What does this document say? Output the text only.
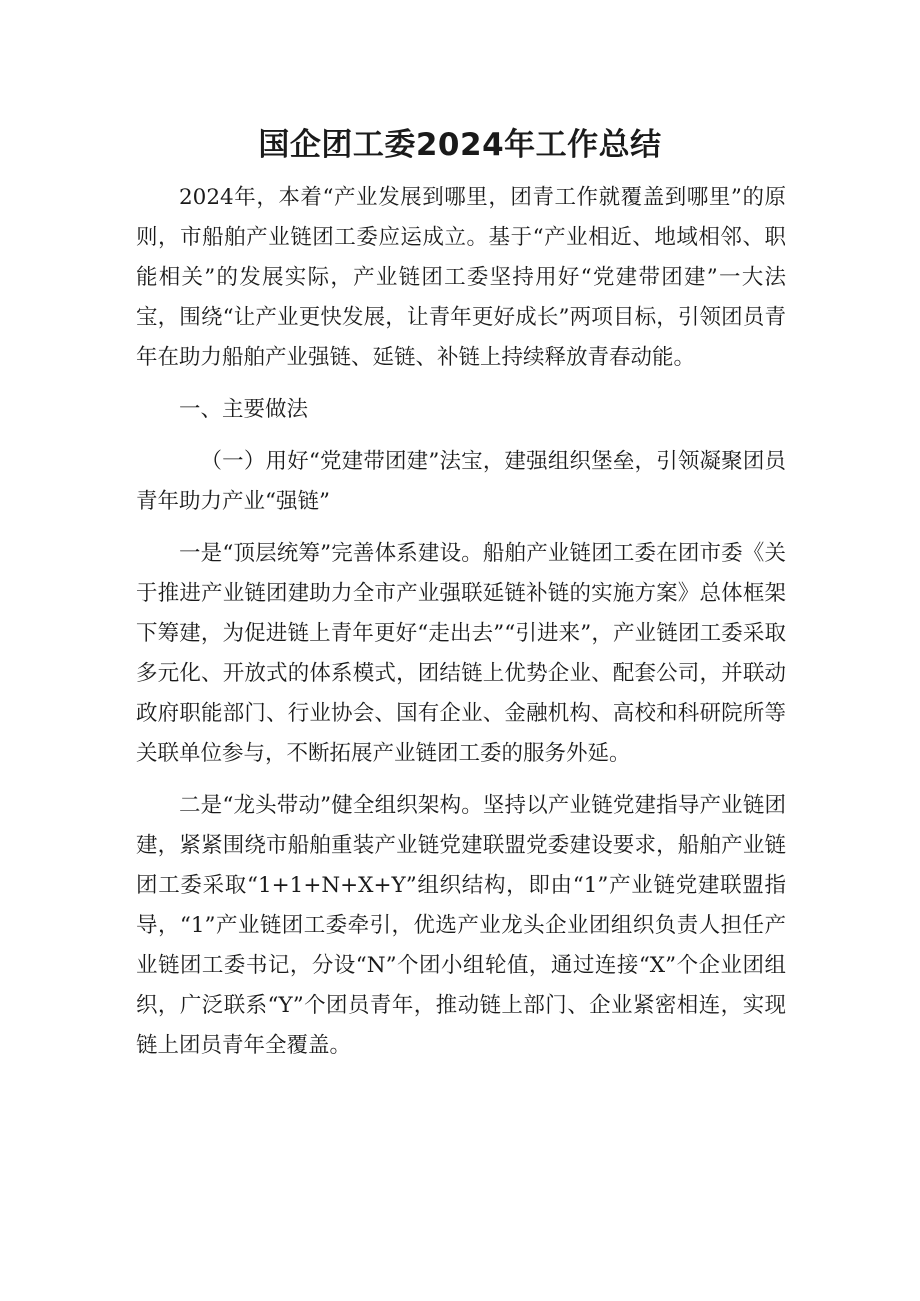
国企团工委2024年工作总结

2024年，本着“产业发展到哪里，团青工作就覆盖到哪里”的原则，市船舶产业链团工委应运成立。基于“产业相近、地域相邻、职能相关”的发展实际，产业链团工委坚持用好“党建带团建”一大法宝，围绕“让产业更快发展，让青年更好成长”两项目标，引领团员青年在助力船舶产业强链、延链、补链上持续释放青春动能。

一、主要做法

（一）用好“党建带团建”法宝，建强组织堡垒，引领凝聚团员青年助力产业“强链”

一是“顶层统筹”完善体系建设。船舶产业链团工委在团市委《关于推进产业链团建助力全市产业强联延链补链的实施方案》总体框架下筹建，为促进链上青年更好“走出去”“引进来”，产业链团工委采取多元化、开放式的体系模式，团结链上优势企业、配套公司，并联动政府职能部门、行业协会、国有企业、金融机构、高校和科研院所等关联单位参与，不断拓展产业链团工委的服务外延。

二是“龙头带动”健全组织架构。坚持以产业链党建指导产业链团建，紧紧围绕市船舶重装产业链党建联盟党委建设要求，船舶产业链团工委采取“1+1+N+X+Y”组织结构，即由“1”产业链党建联盟指导，“1”产业链团工委牵引，优选产业龙头企业团组织负责人担任产业链团工委书记，分设“N”个团小组轮值，通过连接“X”个企业团组织，广泛联系“Y”个团员青年，推动链上部门、企业紧密相连，实现链上团员青年全覆盖。
